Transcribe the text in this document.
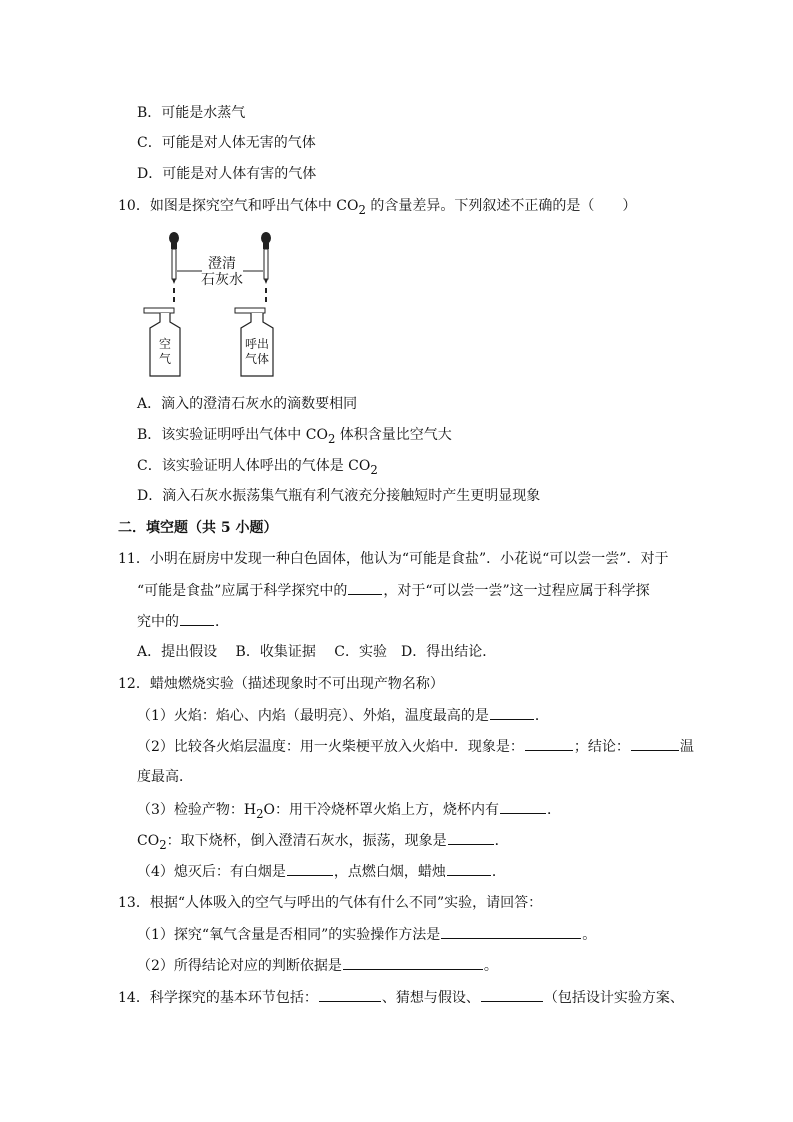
B．可能是水蒸气
C．可能是对人体无害的气体
D．可能是对人体有害的气体
10．如图是探究空气和呼出气体中 $CO_2$ 的含量差异。下列叙述不正确的是（　　）
澄清
石灰水
空
气
呼出
气体
A．滴入的澄清石灰水的滴数要相同
B．该实验证明呼出气体中 $CO_2$ 体积含量比空气大
C．该实验证明人体呼出的气体是 $CO_2$
D．滴入石灰水振荡集气瓶有利气液充分接触短时产生更明显现象
二．填空题（共 5 小题）
11．小明在厨房中发现一种白色固体，他认为“可能是食盐”．小花说“可以尝一尝”．对于
“可能是食盐”应属于科学探究中的	，对于“可以尝一尝”这一过程应属于科学探
究中的	．
A．提出假设　 B．收集证据　 C．实验　D．得出结论．
12．蜡烛燃烧实验（描述现象时不可出现产物名称）
（1）火焰：焰心、内焰（最明亮）、外焰，温度最高的是	．
（2）比较各火焰层温度：用一火柴梗平放入火焰中．现象是：	；结论：	温
度最高．
（3）检验产物：$H_2O$：用干冷烧杯罩火焰上方，烧杯内有	．
$CO_2$：取下烧杯，倒入澄清石灰水，振荡，现象是	．
（4）熄灭后：有白烟是	，点燃白烟，蜡烛	．
13．根据“人体吸入的空气与呼出的气体有什么不同”实验，请回答：
（1）探究“氧气含量是否相同”的实验操作方法是	。
（2）所得结论对应的判断依据是	。
14．科学探究的基本环节包括：	、猜想与假设、	（包括设计实验方案、
